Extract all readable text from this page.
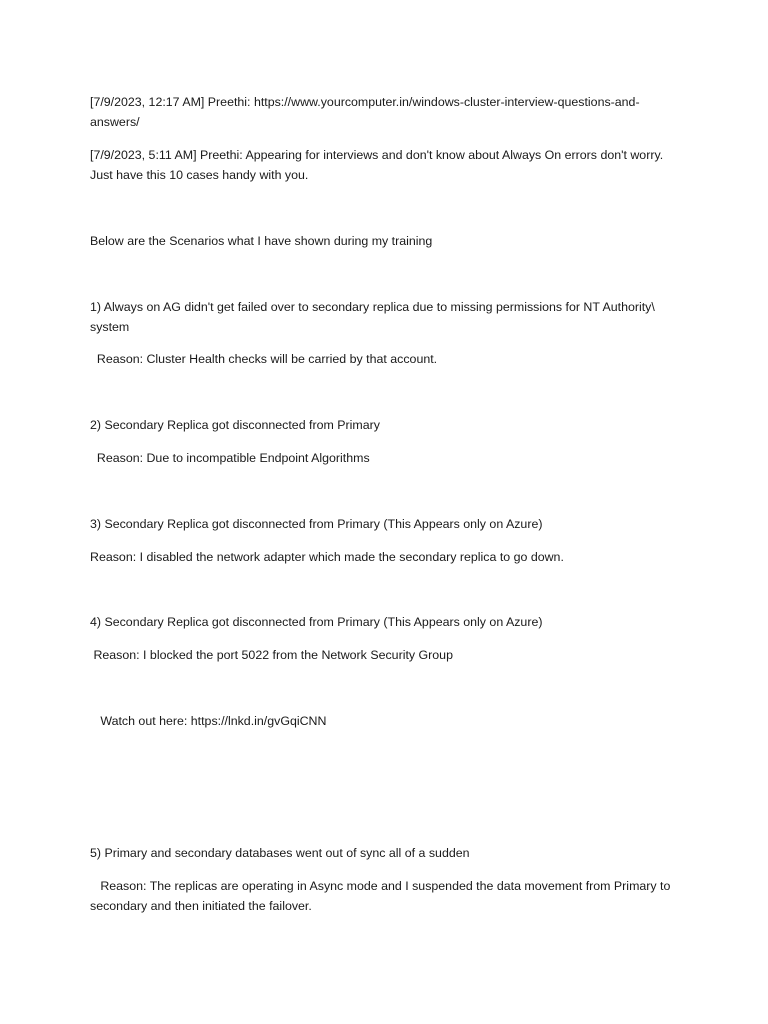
[7/9/2023, 12:17 AM] Preethi: https://www.yourcomputer.in/windows-cluster-interview-questions-and-answers/

[7/9/2023, 5:11 AM] Preethi: Appearing for interviews and don't know about Always On errors don't worry. Just have this 10 cases handy with you.

Below are the Scenarios what I have shown during my training

1) Always on AG didn't get failed over to secondary replica due to missing permissions for NT Authority\ system

Reason: Cluster Health checks will be carried by that account.

2) Secondary Replica got disconnected from Primary

Reason: Due to incompatible Endpoint Algorithms

3) Secondary Replica got disconnected from Primary (This Appears only on Azure)

Reason: I disabled the network adapter which made the secondary replica to go down.

4) Secondary Replica got disconnected from Primary (This Appears only on Azure)

Reason: I blocked the port 5022 from the Network Security Group

Watch out here: https://lnkd.in/gvGqiCNN

5) Primary and secondary databases went out of sync all of a sudden

Reason: The replicas are operating in Async mode and I suspended the data movement from Primary to secondary and then initiated the failover.
